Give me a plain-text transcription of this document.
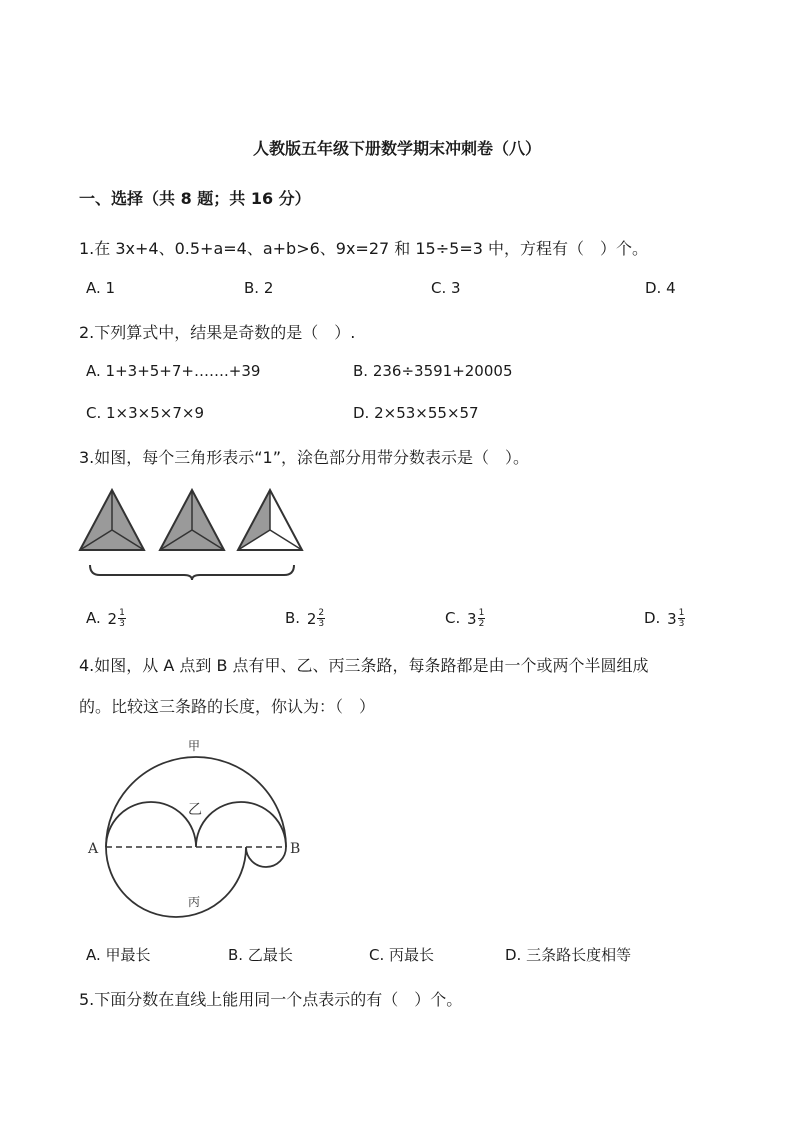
人教版五年级下册数学期末冲刺卷（八）
一、选择（共 8 题；共 16 分）
1.在 3x+4、0.5+a=4、a+b>6、9x=27 和 15÷5=3 中，方程有（　）个。
A. 1	B. 2	C. 3	D. 4
2.下列算式中，结果是奇数的是（　）.
A. 1+3+5+7+…….+39	B. 236÷3591+20005
C. 1×3×5×7×9	D. 2×53×55×57
3.如图，每个三角形表示“1”，涂色部分用带分数表示是（　）。
A. $2 \frac{1}{3}$	B. $2 \frac{2}{3}$	C. $3 \frac{1}{2}$	D. $3 \frac{1}{3}$
4.如图，从 A 点到 B 点有甲、乙、丙三条路，每条路都是由一个或两个半圆组成
的。比较这三条路的长度，你认为：（　）
甲
乙
丙
A	B
A. 甲最长	B. 乙最长	C. 丙最长	D. 三条路长度相等
5.下面分数在直线上能用同一个点表示的有（　）个。
